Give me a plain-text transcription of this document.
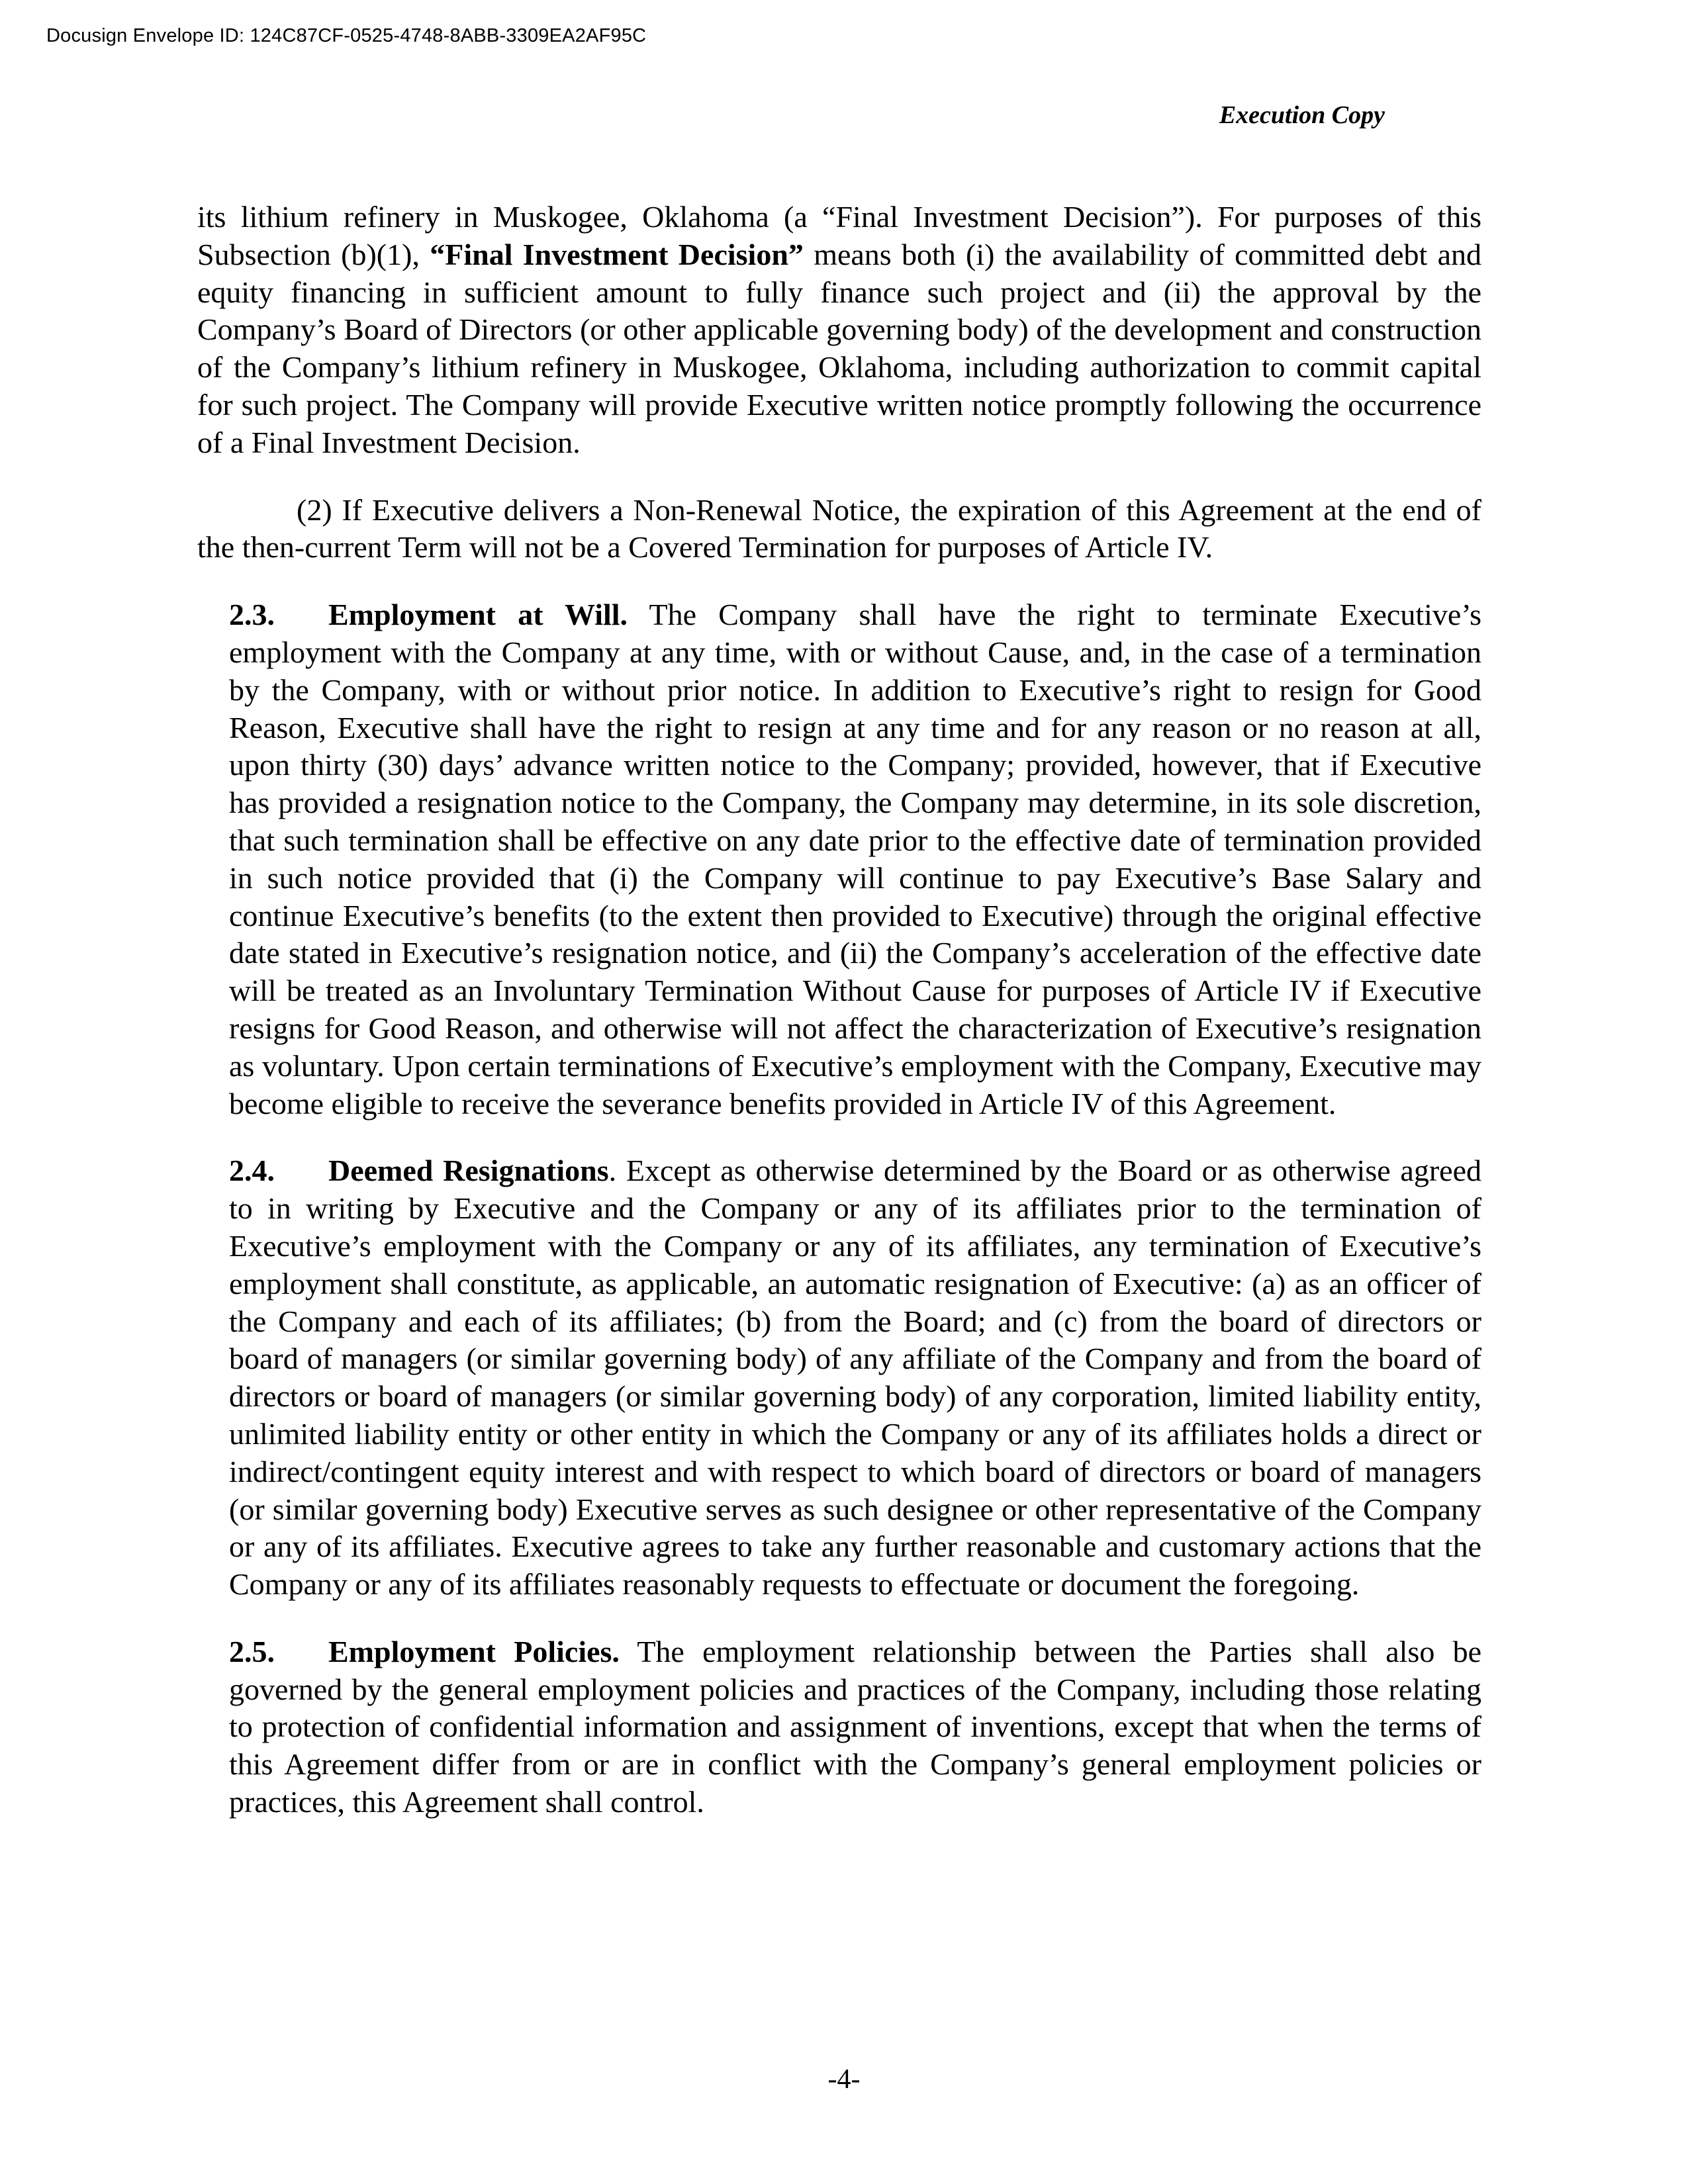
Docusign Envelope ID: 124C87CF-0525-4748-8ABB-3309EA2AF95C
Execution Copy

its lithium refinery in Muskogee, Oklahoma (a “Final Investment Decision”). For purposes of this Subsection (b)(1), “Final Investment Decision” means both (i) the availability of committed debt and equity financing in sufficient amount to fully finance such project and (ii) the approval by the Company’s Board of Directors (or other applicable governing body) of the development and construction of the Company’s lithium refinery in Muskogee, Oklahoma, including authorization to commit capital for such project. The Company will provide Executive written notice promptly following the occurrence of a Final Investment Decision.

(2) If Executive delivers a Non-Renewal Notice, the expiration of this Agreement at the end of the then-current Term will not be a Covered Termination for purposes of Article IV.

2.3. Employment at Will. The Company shall have the right to terminate Executive’s employment with the Company at any time, with or without Cause, and, in the case of a termination by the Company, with or without prior notice. In addition to Executive’s right to resign for Good Reason, Executive shall have the right to resign at any time and for any reason or no reason at all, upon thirty (30) days’ advance written notice to the Company; provided, however, that if Executive has provided a resignation notice to the Company, the Company may determine, in its sole discretion, that such termination shall be effective on any date prior to the effective date of termination provided in such notice provided that (i) the Company will continue to pay Executive’s Base Salary and continue Executive’s benefits (to the extent then provided to Executive) through the original effective date stated in Executive’s resignation notice, and (ii) the Company’s acceleration of the effective date will be treated as an Involuntary Termination Without Cause for purposes of Article IV if Executive resigns for Good Reason, and otherwise will not affect the characterization of Executive’s resignation as voluntary. Upon certain terminations of Executive’s employment with the Company, Executive may become eligible to receive the severance benefits provided in Article IV of this Agreement.

2.4. Deemed Resignations. Except as otherwise determined by the Board or as otherwise agreed to in writing by Executive and the Company or any of its affiliates prior to the termination of Executive’s employment with the Company or any of its affiliates, any termination of Executive’s employment shall constitute, as applicable, an automatic resignation of Executive: (a) as an officer of the Company and each of its affiliates; (b) from the Board; and (c) from the board of directors or board of managers (or similar governing body) of any affiliate of the Company and from the board of directors or board of managers (or similar governing body) of any corporation, limited liability entity, unlimited liability entity or other entity in which the Company or any of its affiliates holds a direct or indirect/contingent equity interest and with respect to which board of directors or board of managers (or similar governing body) Executive serves as such designee or other representative of the Company or any of its affiliates. Executive agrees to take any further reasonable and customary actions that the Company or any of its affiliates reasonably requests to effectuate or document the foregoing.

2.5. Employment Policies. The employment relationship between the Parties shall also be governed by the general employment policies and practices of the Company, including those relating to protection of confidential information and assignment of inventions, except that when the terms of this Agreement differ from or are in conflict with the Company’s general employment policies or practices, this Agreement shall control.

-4-
